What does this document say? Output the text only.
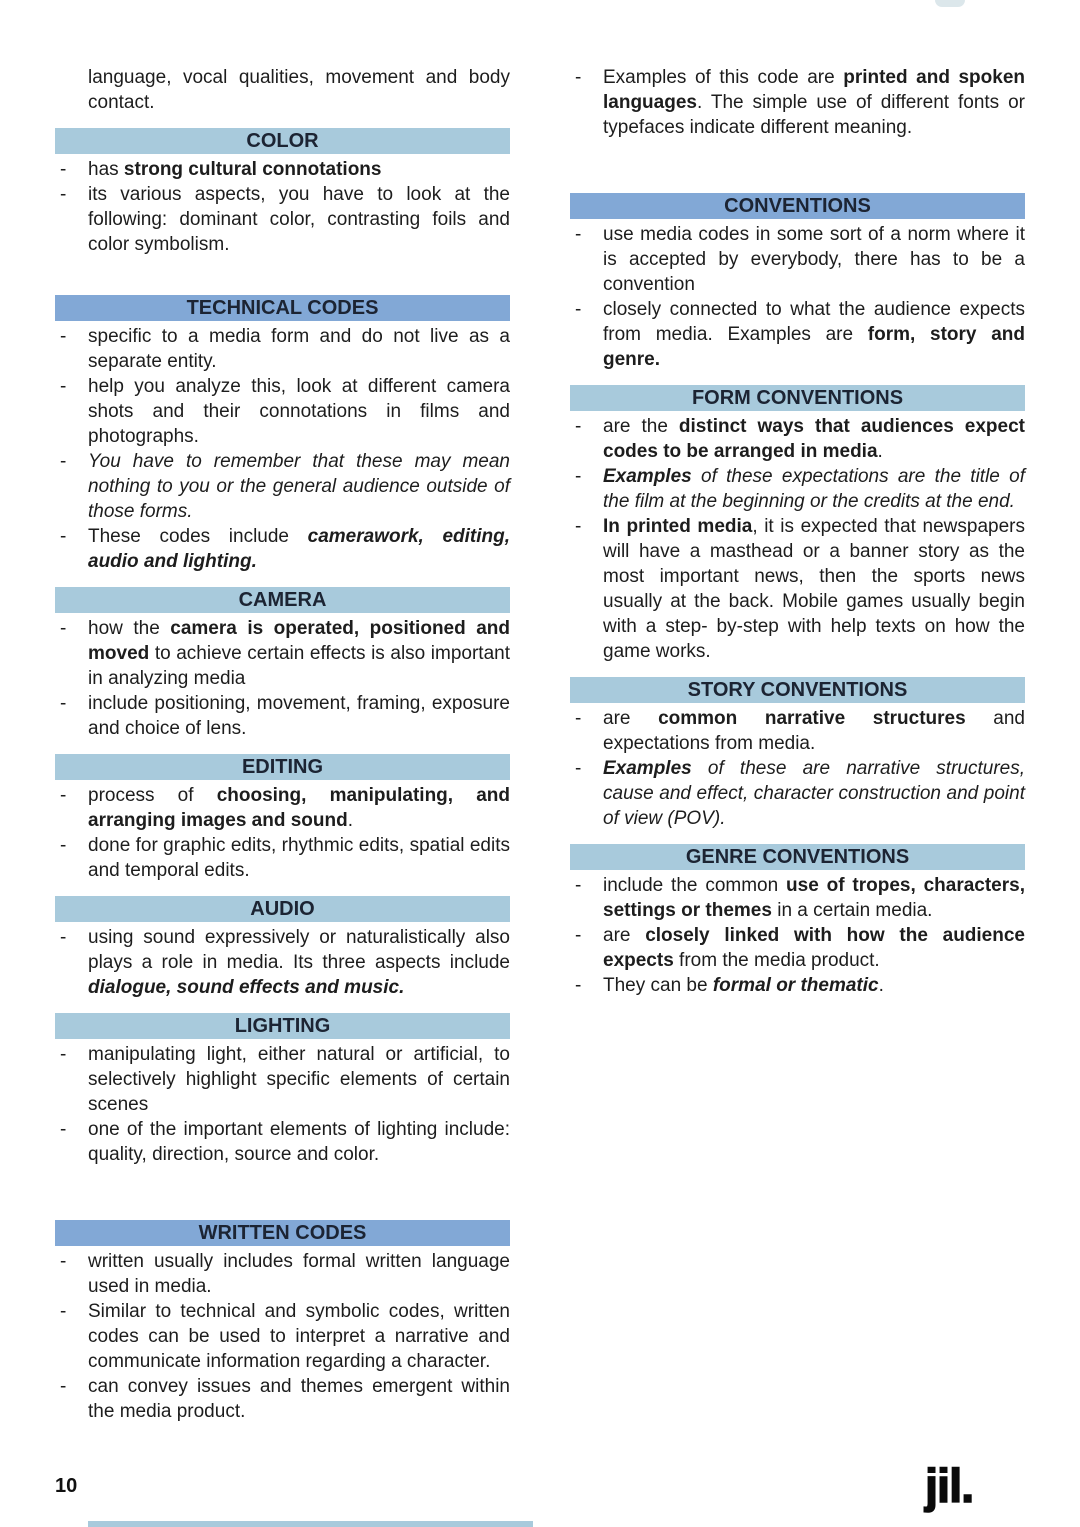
language, vocal qualities, movement and body contact.
COLOR
- has strong cultural connotations
- its various aspects, you have to look at the following: dominant color, contrasting foils and color symbolism.
TECHNICAL CODES
- specific to a media form and do not live as a separate entity.
- help you analyze this, look at different camera shots and their connotations in films and photographs.
- You have to remember that these may mean nothing to you or the general audience outside of those forms.
- These codes include camerawork, editing, audio and lighting.
CAMERA
- how the camera is operated, positioned and moved to achieve certain effects is also important in analyzing media
- include positioning, movement, framing, exposure and choice of lens.
EDITING
- process of choosing, manipulating, and arranging images and sound.
- done for graphic edits, rhythmic edits, spatial edits and temporal edits.
AUDIO
- using sound expressively or naturalistically also plays a role in media. Its three aspects include dialogue, sound effects and music.
LIGHTING
- manipulating light, either natural or artificial, to selectively highlight specific elements of certain scenes
- one of the important elements of lighting include: quality, direction, source and color.
WRITTEN CODES
- written usually includes formal written language used in media.
- Similar to technical and symbolic codes, written codes can be used to interpret a narrative and communicate information regarding a character.
- can convey issues and themes emergent within the media product.
- Examples of this code are printed and spoken languages. The simple use of different fonts or typefaces indicate different meaning.
CONVENTIONS
- use media codes in some sort of a norm where it is accepted by everybody, there has to be a convention
- closely connected to what the audience expects from media. Examples are form, story and genre.
FORM CONVENTIONS
- are the distinct ways that audiences expect codes to be arranged in media.
- Examples of these expectations are the title of the film at the beginning or the credits at the end.
- In printed media, it is expected that newspapers will have a masthead or a banner story as the most important news, then the sports news usually at the back. Mobile games usually begin with a step- by-step with help texts on how the game works.
STORY CONVENTIONS
- are common narrative structures and expectations from media.
- Examples of these are narrative structures, cause and effect, character construction and point of view (POV).
GENRE CONVENTIONS
- include the common use of tropes, characters, settings or themes in a certain media.
- are closely linked with how the audience expects from the media product.
- They can be formal or thematic.
10	jil.
